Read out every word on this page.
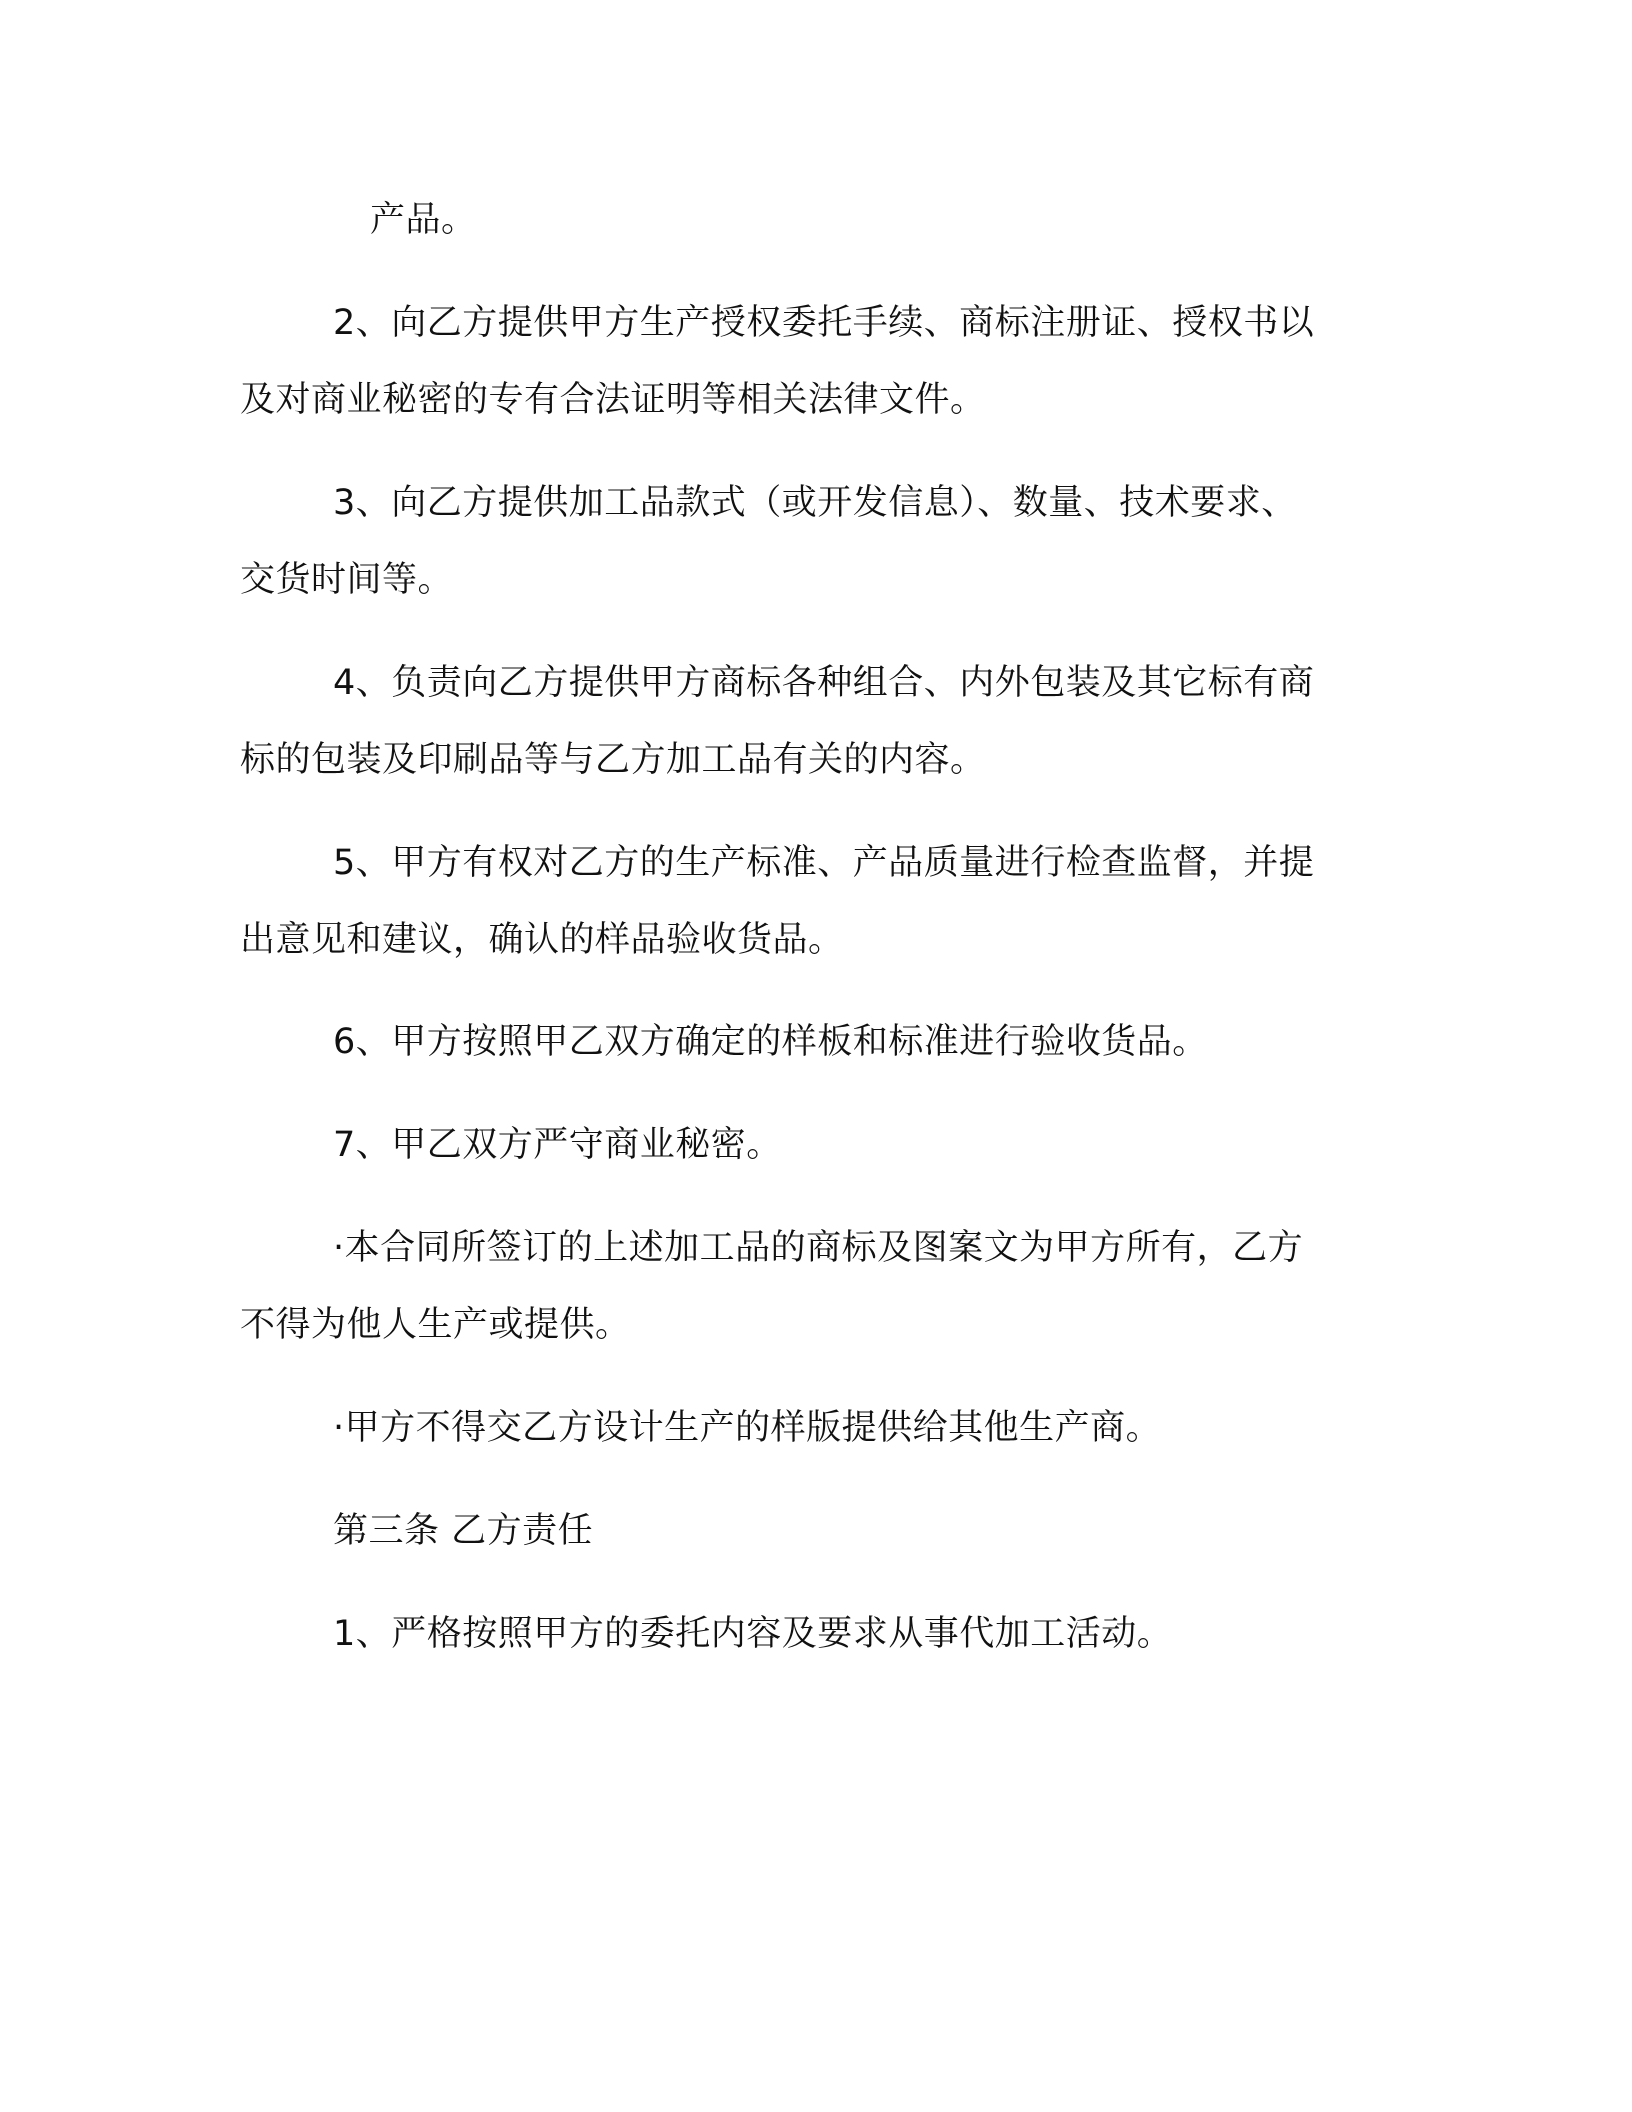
产品。

2、向乙方提供甲方生产授权委托手续、商标注册证、授权书以

及对商业秘密的专有合法证明等相关法律文件。

3、向乙方提供加工品款式（或开发信息）、数量、技术要求、

交货时间等。

4、负责向乙方提供甲方商标各种组合、内外包装及其它标有商

标的包装及印刷品等与乙方加工品有关的内容。

5、甲方有权对乙方的生产标准、产品质量进行检查监督，并提

出意见和建议，确认的样品验收货品。

6、甲方按照甲乙双方确定的样板和标准进行验收货品。

7、甲乙双方严守商业秘密。

·本合同所签订的上述加工品的商标及图案文为甲方所有，乙方

不得为他人生产或提供。

·甲方不得交乙方设计生产的样版提供给其他生产商。

第三条 乙方责任

1、严格按照甲方的委托内容及要求从事代加工活动。
